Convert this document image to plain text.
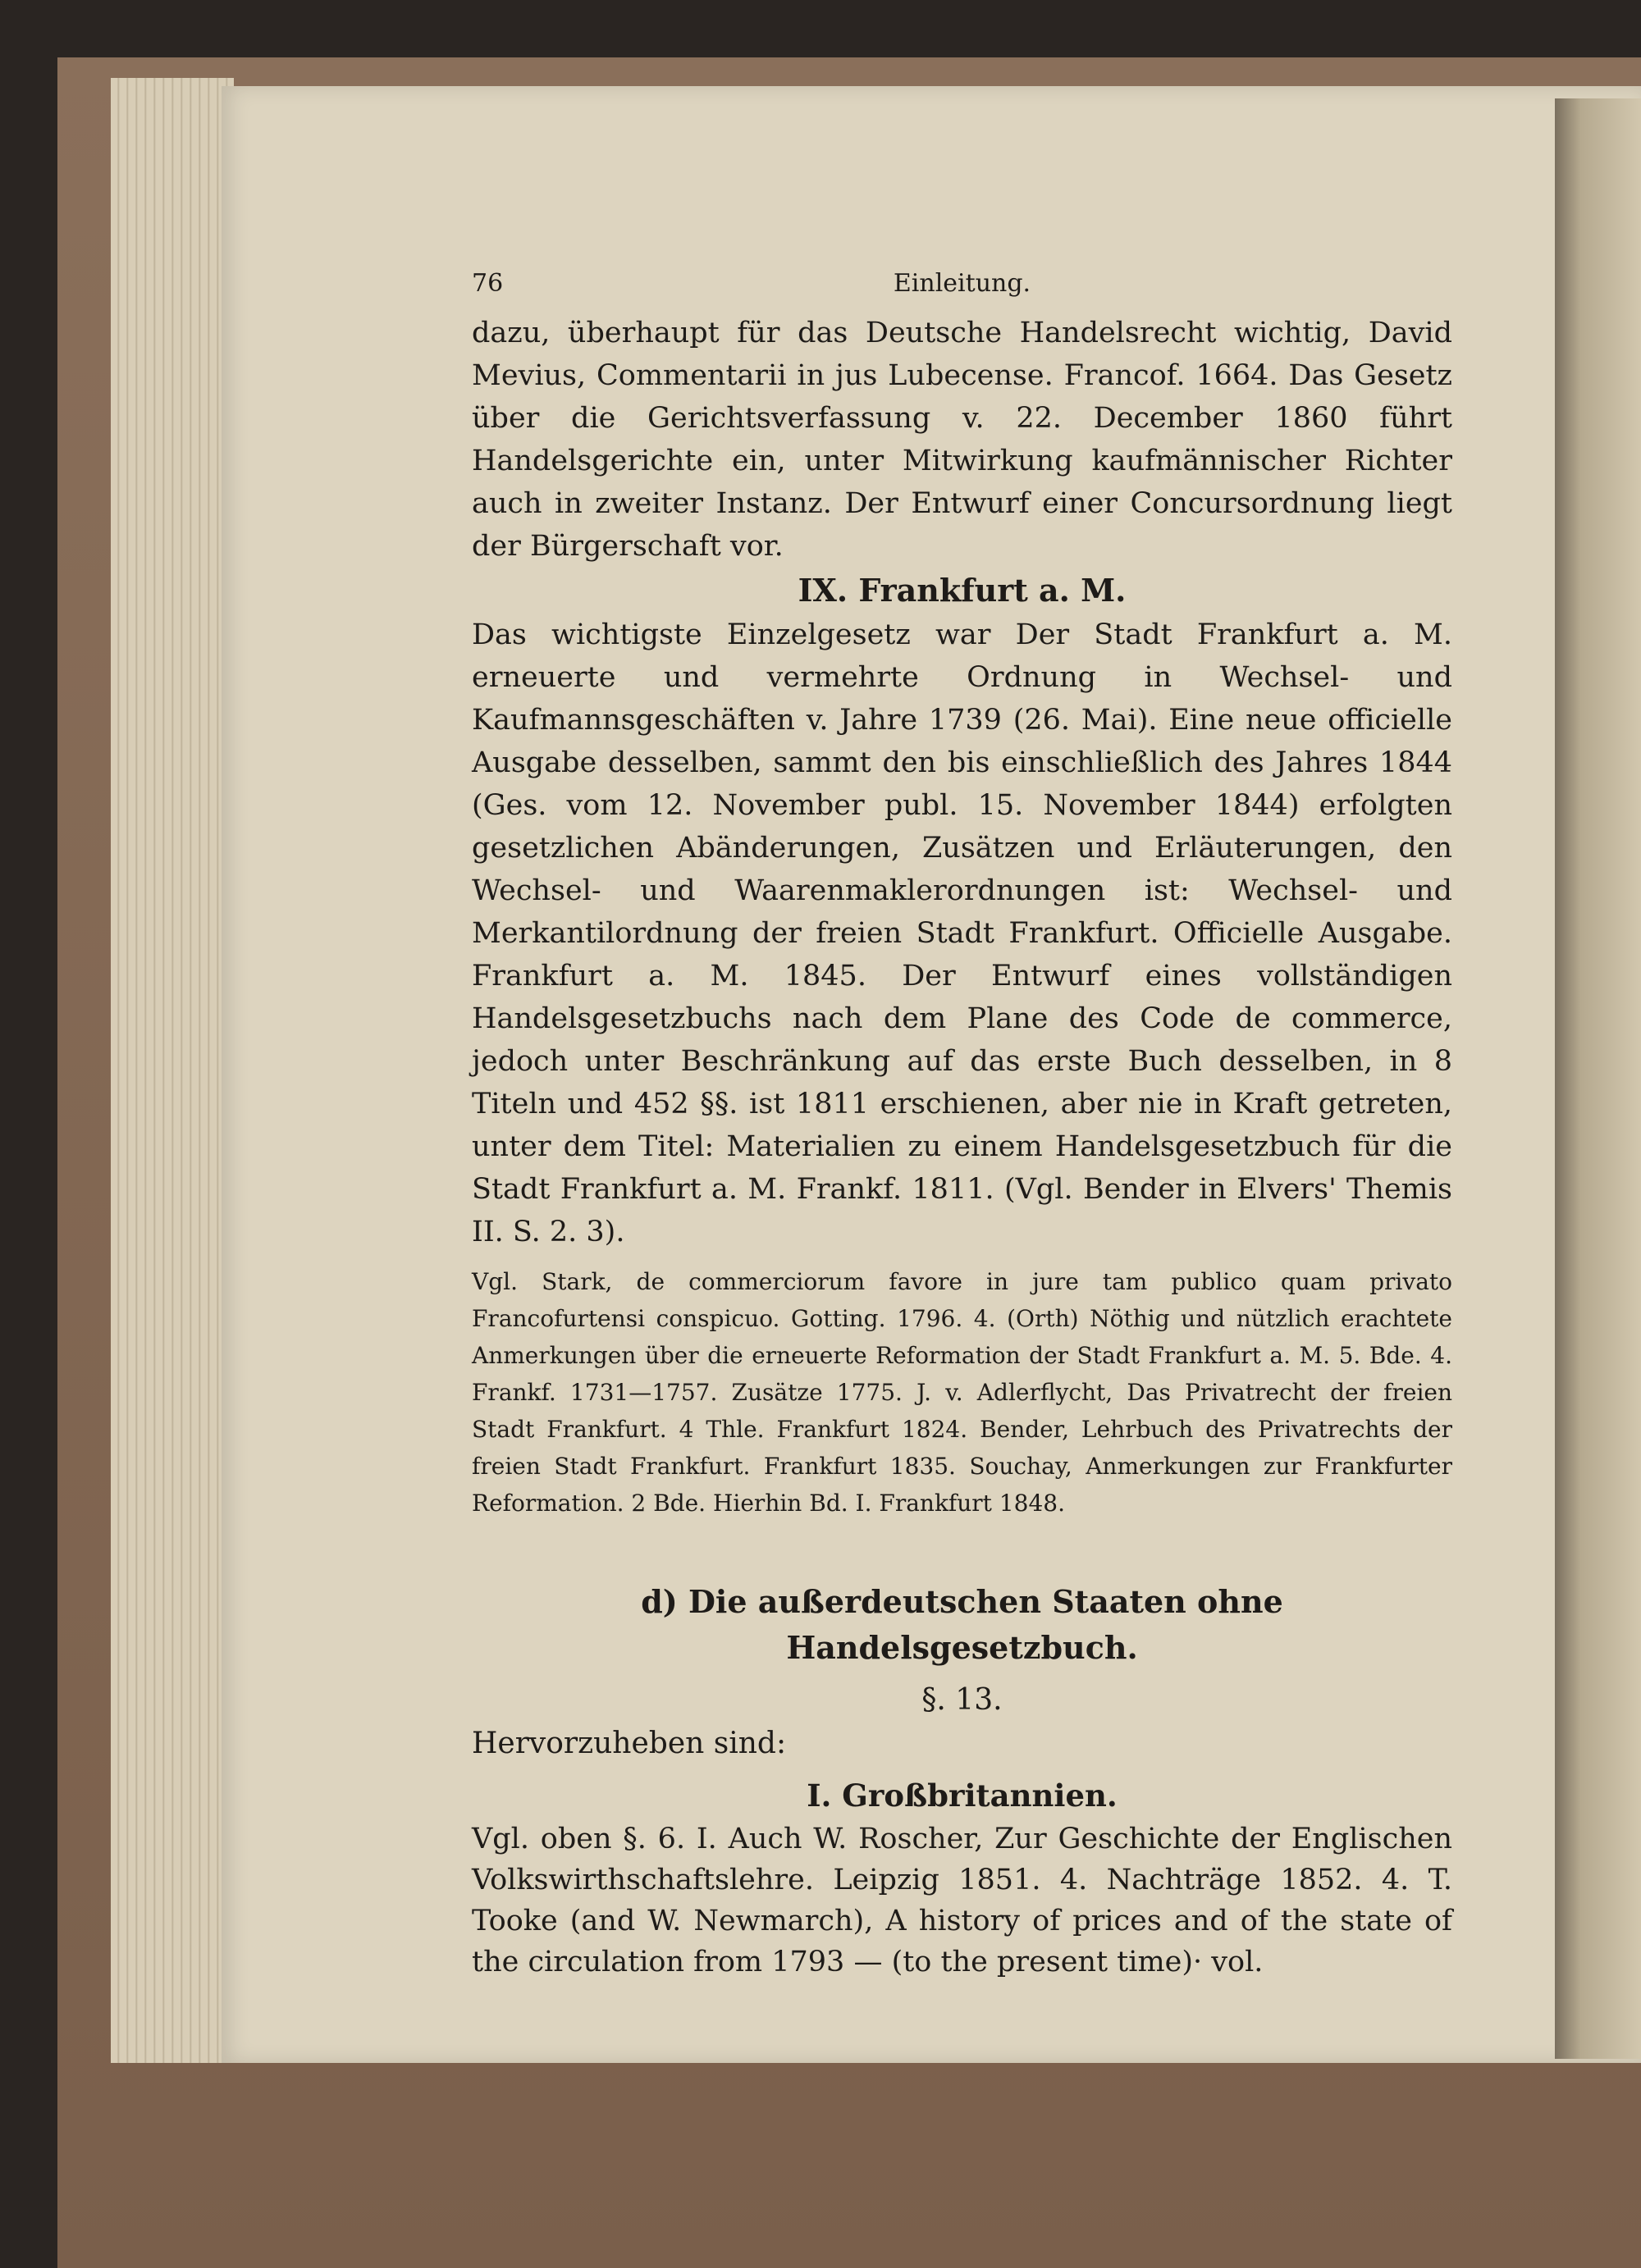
76	Einleitung.

dazu, überhaupt für das Deutsche Handelsrecht wichtig, David Mevius, Commentarii in jus Lubecense. Francof. 1664. Das Gesetz über die Gerichtsverfassung v. 22. December 1860 führt Handelsgerichte ein, unter Mitwirkung kaufmännischer Richter auch in zweiter Instanz. Der Entwurf einer Concursordnung liegt der Bürgerschaft vor.

IX. Frankfurt a. M.

Das wichtigste Einzelgesetz war Der Stadt Frankfurt a. M. erneuerte und vermehrte Ordnung in Wechsel- und Kaufmannsgeschäften v. Jahre 1739 (26. Mai). Eine neue officielle Ausgabe desselben, sammt den bis einschließlich des Jahres 1844 (Ges. vom 12. November publ. 15. November 1844) erfolgten gesetzlichen Abänderungen, Zusätzen und Erläuterungen, den Wechsel- und Waarenmaklerordnungen ist: Wechsel- und Merkantilordnung der freien Stadt Frankfurt. Officielle Ausgabe. Frankfurt a. M. 1845. Der Entwurf eines vollständigen Handelsgesetzbuchs nach dem Plane des Code de commerce, jedoch unter Beschränkung auf das erste Buch desselben, in 8 Titeln und 452 §§. ist 1811 erschienen, aber nie in Kraft getreten, unter dem Titel: Materialien zu einem Handelsgesetzbuch für die Stadt Frankfurt a. M. Frankf. 1811. (Vgl. Bender in Elvers' Themis II. S. 2. 3).

Vgl. Stark, de commerciorum favore in jure tam publico quam privato Francofurtensi conspicuo. Gotting. 1796. 4. (Orth) Nöthig und nützlich erachtete Anmerkungen über die erneuerte Reformation der Stadt Frankfurt a. M. 5. Bde. 4. Frankf. 1731—1757. Zusätze 1775. J. v. Adlerflycht, Das Privatrecht der freien Stadt Frankfurt. 4 Thle. Frankfurt 1824. Bender, Lehrbuch des Privatrechts der freien Stadt Frankfurt. Frankfurt 1835. Souchay, Anmerkungen zur Frankfurter Reformation. 2 Bde. Hierhin Bd. I. Frankfurt 1848.

d) Die außerdeutschen Staaten ohne Handelsgesetzbuch.

§. 13.

Hervorzuheben sind:

I. Großbritannien.

Vgl. oben §. 6. I. Auch W. Roscher, Zur Geschichte der Englischen Volkswirthschaftslehre. Leipzig 1851. 4. Nachträge 1852. 4. T. Tooke (and W. Newmarch), A history of prices and of the state of the circulation from 1793 — (to the present time)· vol.
